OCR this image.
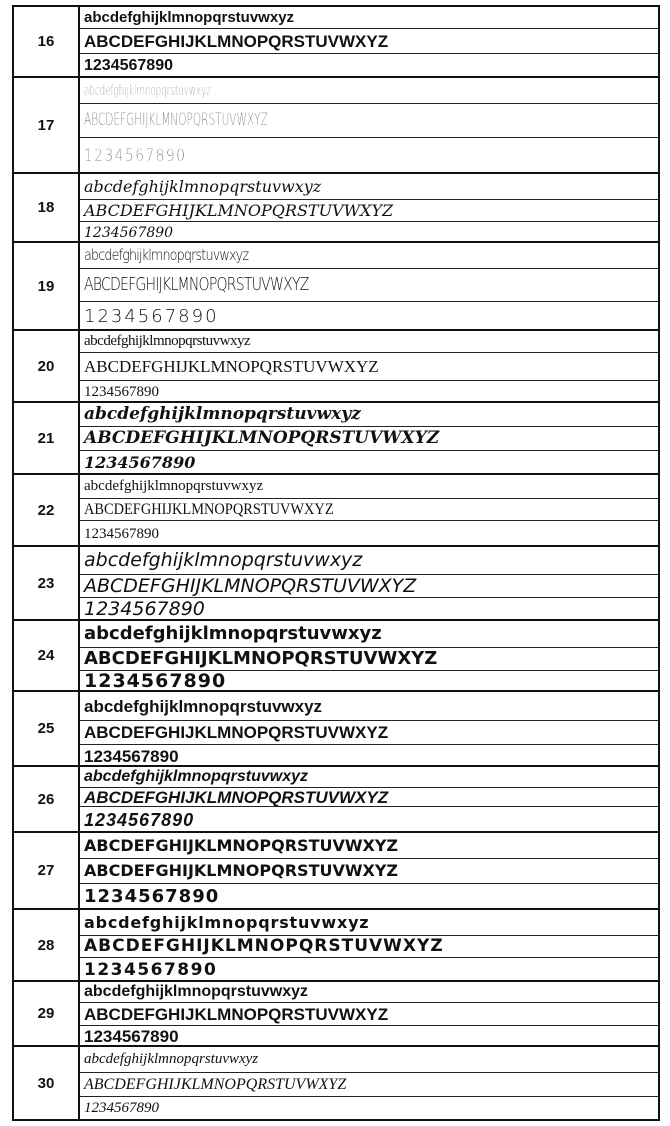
16
abcdefghijklmnopqrstuvwxyz
ABCDEFGHIJKLMNOPQRSTUVWXYZ
1234567890
17
abcdefghijklmnopqrstuvwxyz
ABCDEFGHIJKLMNOPQRSTUVWXYZ
1234567890
18
abcdefghijklmnopqrstuvwxyz
ABCDEFGHIJKLMNOPQRSTUVWXYZ
1234567890
19
abcdefghijklmnopqrstuvwxyz
ABCDEFGHIJKLMNOPQRSTUVWXYZ
1234567890
20
abcdefghijklmnopqrstuvwxyz
ABCDEFGHIJKLMNOPQRSTUVWXYZ
1234567890
21
abcdefghijklmnopqrstuvwxyz
ABCDEFGHIJKLMNOPQRSTUVWXYZ
1234567890
22
abcdefghijklmnopqrstuvwxyz
ABCDEFGHIJKLMNOPQRSTUVWXYZ
1234567890
23
abcdefghijklmnopqrstuvwxyz
ABCDEFGHIJKLMNOPQRSTUVWXYZ
1234567890
24
abcdefghijklmnopqrstuvwxyz
ABCDEFGHIJKLMNOPQRSTUVWXYZ
1234567890
25
abcdefghijklmnopqrstuvwxyz
ABCDEFGHIJKLMNOPQRSTUVWXYZ
1234567890
26
abcdefghijklmnopqrstuvwxyz
ABCDEFGHIJKLMNOPQRSTUVWXYZ
1234567890
27
ABCDEFGHIJKLMNOPQRSTUVWXYZ
ABCDEFGHIJKLMNOPQRSTUVWXYZ
1234567890
28
abcdefghijklmnopqrstuvwxyz
ABCDEFGHIJKLMNOPQRSTUVWXYZ
1234567890
29
abcdefghijklmnopqrstuvwxyz
ABCDEFGHIJKLMNOPQRSTUVWXYZ
1234567890
30
abcdefghijklmnopqrstuvwxyz
ABCDEFGHIJKLMNOPQRSTUVWXYZ
1234567890
